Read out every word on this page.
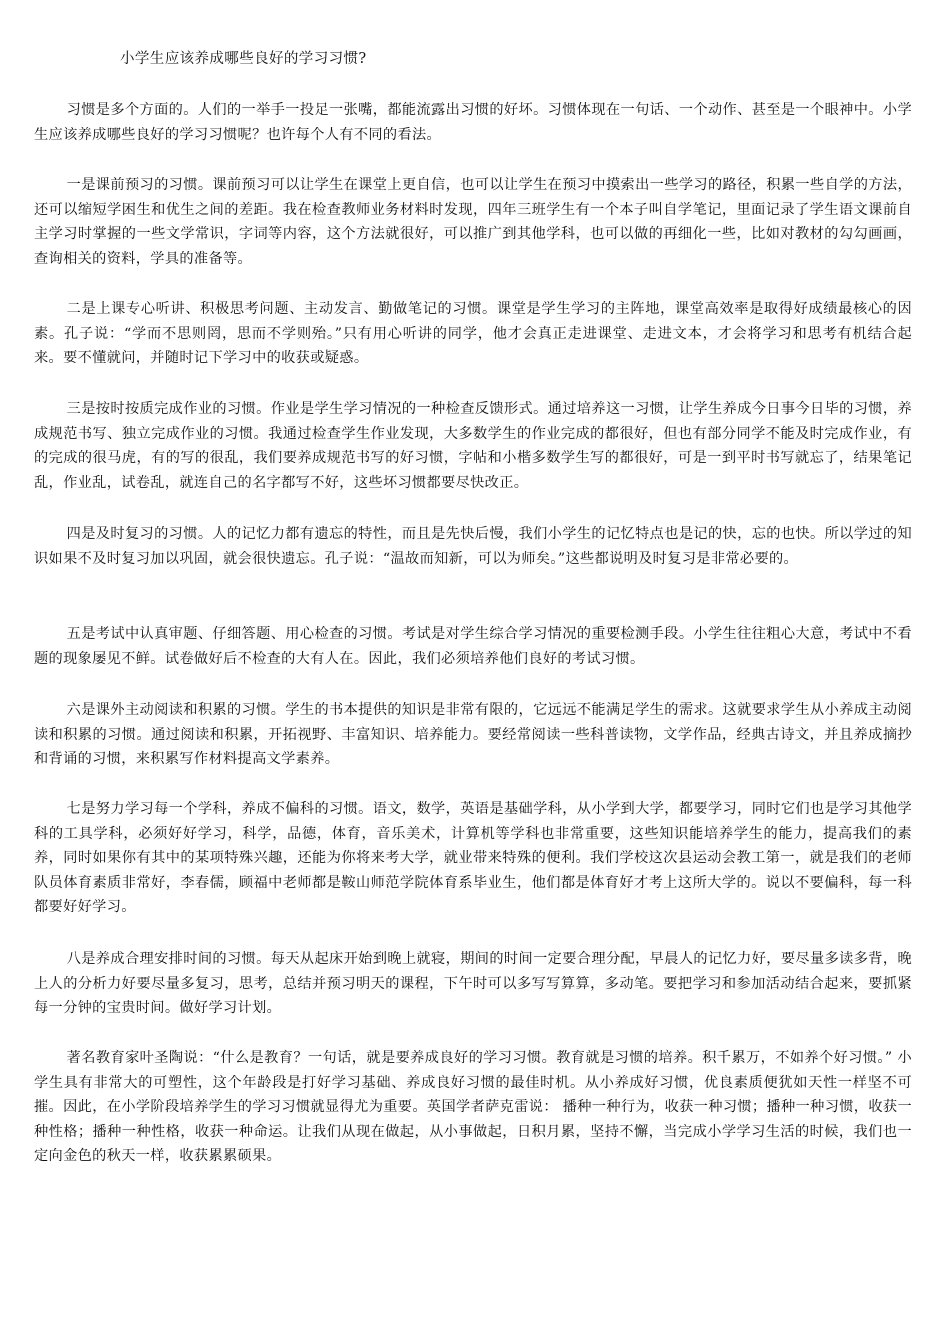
小学生应该养成哪些良好的学习习惯?

习惯是多个方面的。人们的一举手一投足一张嘴，都能流露出习惯的好坏。习惯体现在一句话、一个动作、甚至是一个眼神中。小学生应该养成哪些良好的学习习惯呢？也许每个人有不同的看法。

一是课前预习的习惯。课前预习可以让学生在课堂上更自信，也可以让学生在预习中摸索出一些学习的路径，积累一些自学的方法，还可以缩短学困生和优生之间的差距。我在检查教师业务材料时发现，四年三班学生有一个本子叫自学笔记，里面记录了学生语文课前自主学习时掌握的一些文学常识，字词等内容，这个方法就很好，可以推广到其他学科，也可以做的再细化一些，比如对教材的勾勾画画，查询相关的资料，学具的准备等。

二是上课专心听讲、积极思考问题、主动发言、勤做笔记的习惯。课堂是学生学习的主阵地，课堂高效率是取得好成绩最核心的因素。孔子说：“学而不思则罔，思而不学则殆。”只有用心听讲的同学，他才会真正走进课堂、走进文本，才会将学习和思考有机结合起来。要不懂就问，并随时记下学习中的收获或疑惑。

三是按时按质完成作业的习惯。作业是学生学习情况的一种检查反馈形式。通过培养这一习惯，让学生养成今日事今日毕的习惯，养成规范书写、独立完成作业的习惯。我通过检查学生作业发现，大多数学生的作业完成的都很好，但也有部分同学不能及时完成作业，有的完成的很马虎，有的写的很乱，我们要养成规范书写的好习惯，字帖和小楷多数学生写的都很好，可是一到平时书写就忘了，结果笔记乱，作业乱，试卷乱，就连自己的名字都写不好，这些坏习惯都要尽快改正。

四是及时复习的习惯。人的记忆力都有遗忘的特性，而且是先快后慢，我们小学生的记忆特点也是记的快，忘的也快。所以学过的知识如果不及时复习加以巩固，就会很快遗忘。孔子说：“温故而知新，可以为师矣。”这些都说明及时复习是非常必要的。

五是考试中认真审题、仔细答题、用心检查的习惯。考试是对学生综合学习情况的重要检测手段。小学生往往粗心大意，考试中不看题的现象屡见不鲜。试卷做好后不检查的大有人在。因此，我们必须培养他们良好的考试习惯。

六是课外主动阅读和积累的习惯。学生的书本提供的知识是非常有限的，它远远不能满足学生的需求。这就要求学生从小养成主动阅读和积累的习惯。通过阅读和积累，开拓视野、丰富知识、培养能力。要经常阅读一些科普读物，文学作品，经典古诗文，并且养成摘抄和背诵的习惯，来积累写作材料提高文学素养。

七是努力学习每一个学科，养成不偏科的习惯。语文，数学，英语是基础学科，从小学到大学，都要学习，同时它们也是学习其他学科的工具学科，必须好好学习，科学，品德，体育，音乐美术，计算机等学科也非常重要，这些知识能培养学生的能力，提高我们的素养，同时如果你有其中的某项特殊兴趣，还能为你将来考大学，就业带来特殊的便利。我们学校这次县运动会教工第一，就是我们的老师队员体育素质非常好，李春儒，顾福中老师都是鞍山师范学院体育系毕业生，他们都是体育好才考上这所大学的。说以不要偏科，每一科都要好好学习。

八是养成合理安排时间的习惯。每天从起床开始到晚上就寝，期间的时间一定要合理分配，早晨人的记忆力好，要尽量多读多背，晚上人的分析力好要尽量多复习，思考，总结并预习明天的课程，下午时可以多写写算算，多动笔。要把学习和参加活动结合起来，要抓紧每一分钟的宝贵时间。做好学习计划。

著名教育家叶圣陶说：“什么是教育？一句话，就是要养成良好的学习习惯。教育就是习惯的培养。积千累万，不如养个好习惯。” 小学生具有非常大的可塑性，这个年龄段是打好学习基础、养成良好习惯的最佳时机。从小养成好习惯，优良素质便犹如天性一样坚不可摧。因此，在小学阶段培养学生的学习习惯就显得尤为重要。英国学者萨克雷说： 播种一种行为，收获一种习惯；播种一种习惯，收获一种性格；播种一种性格，收获一种命运。让我们从现在做起，从小事做起，日积月累，坚持不懈，当完成小学学习生活的时候，我们也一定向金色的秋天一样，收获累累硕果。
